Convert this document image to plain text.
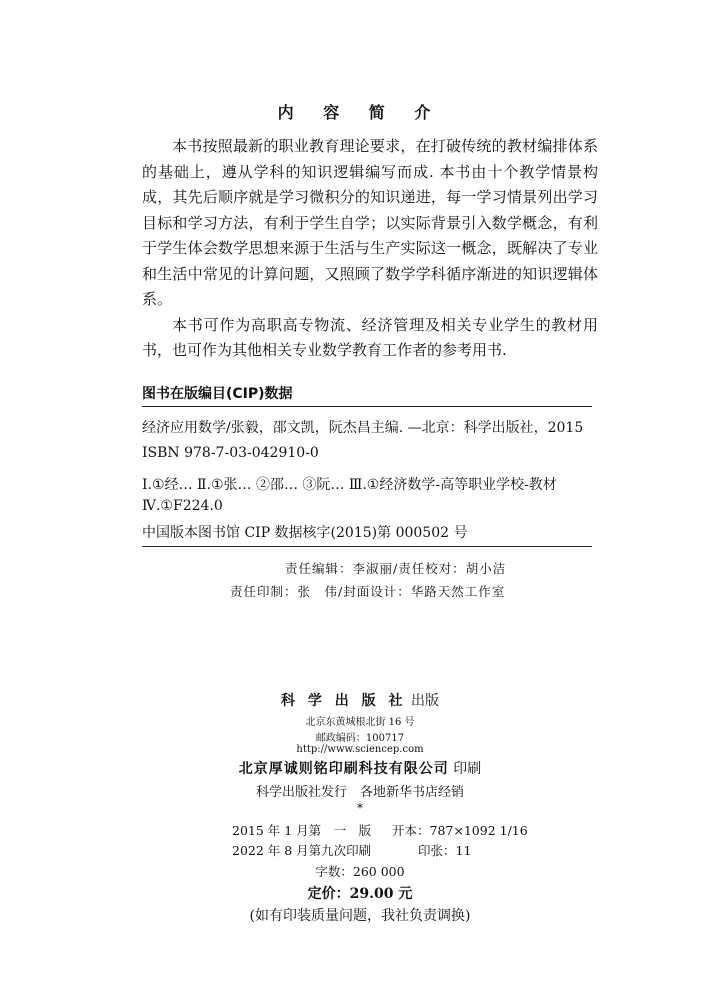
内 容 简 介

本书按照最新的职业教育理论要求，在打破传统的教材编排体系的基础上，遵从学科的知识逻辑编写而成. 本书由十个教学情景构成，其先后顺序就是学习微积分的知识递进，每一学习情景列出学习目标和学习方法，有利于学生自学；以实际背景引入数学概念，有利于学生体会数学思想来源于生活与生产实际这一概念，既解决了专业和生活中常见的计算问题，又照顾了数学学科循序渐进的知识逻辑体系。

本书可作为高职高专物流、经济管理及相关专业学生的教材用书，也可作为其他相关专业数学教育工作者的参考用书.

图书在版编目(CIP)数据
经济应用数学/张毅，邵文凯，阮杰昌主编. —北京：科学出版社，2015
ISBN 978-7-03-042910-0
Ⅰ.①经… Ⅱ.①张… ②邵… ③阮… Ⅲ.①经济数学-高等职业学校-教材
Ⅳ.①F224.0
中国版本图书馆 CIP 数据核字(2015)第 000502 号
责任编辑：李淑丽/责任校对：胡小洁
责任印制：张　伟/封面设计：华路天然工作室
科 学 出 版 社 出版
北京东黄城根北街 16 号
邮政编码：100717
http://www.sciencep.com
北京厚诚则铭印刷科技有限公司 印刷
科学出版社发行　各地新华书店经销
*
2015 年 1 月第　一　版 开本：787×1092 1/16
2022 年 8 月第九次印刷	印张：11
字数：260 000
定价：29.00 元
(如有印装质量问题，我社负责调换)
